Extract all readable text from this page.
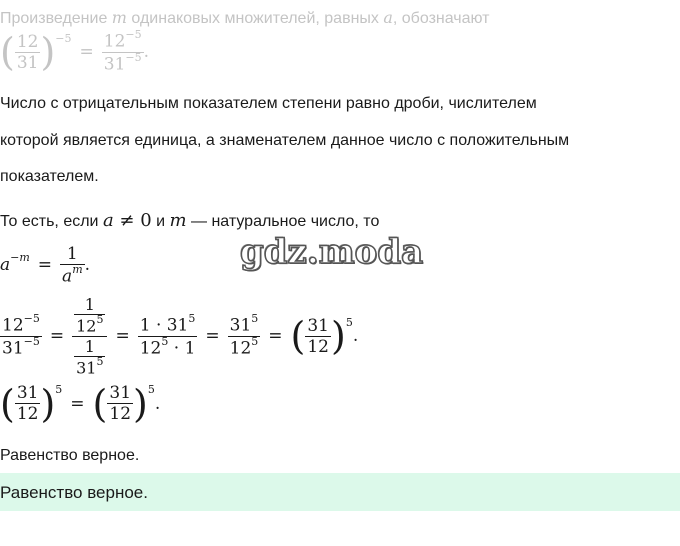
Произведение m одинаковых множителей, равных a, обозначают
( $\frac{12}{31}$ ) −5
= $\frac{12^{-5}}{31^{-5}}$ .
Число с отрицательным показателем степени равно дроби, числителем
которой является единица, а знаменателем данное число с положительным
показателем.
То есть, если a ≠ 0 и m — натуральное число, то
$a -m = \frac{1}{a^m}$ .	gdz.moda
$\frac{12^{-5}}{31^{-5}} = \frac{\frac{1}{12^5}}{\frac{1}{31^5}} = \frac{1 \cdot 31^5}{12^5 \cdot 1} = \frac{31^5}{12^5}$ = ( $\frac{31}{12}$ ) 5
.
( $\frac{31}{12}$ ) 5
= ( $\frac{31}{12}$ ) 5
.
Равенство верное.
Равенство верное.
